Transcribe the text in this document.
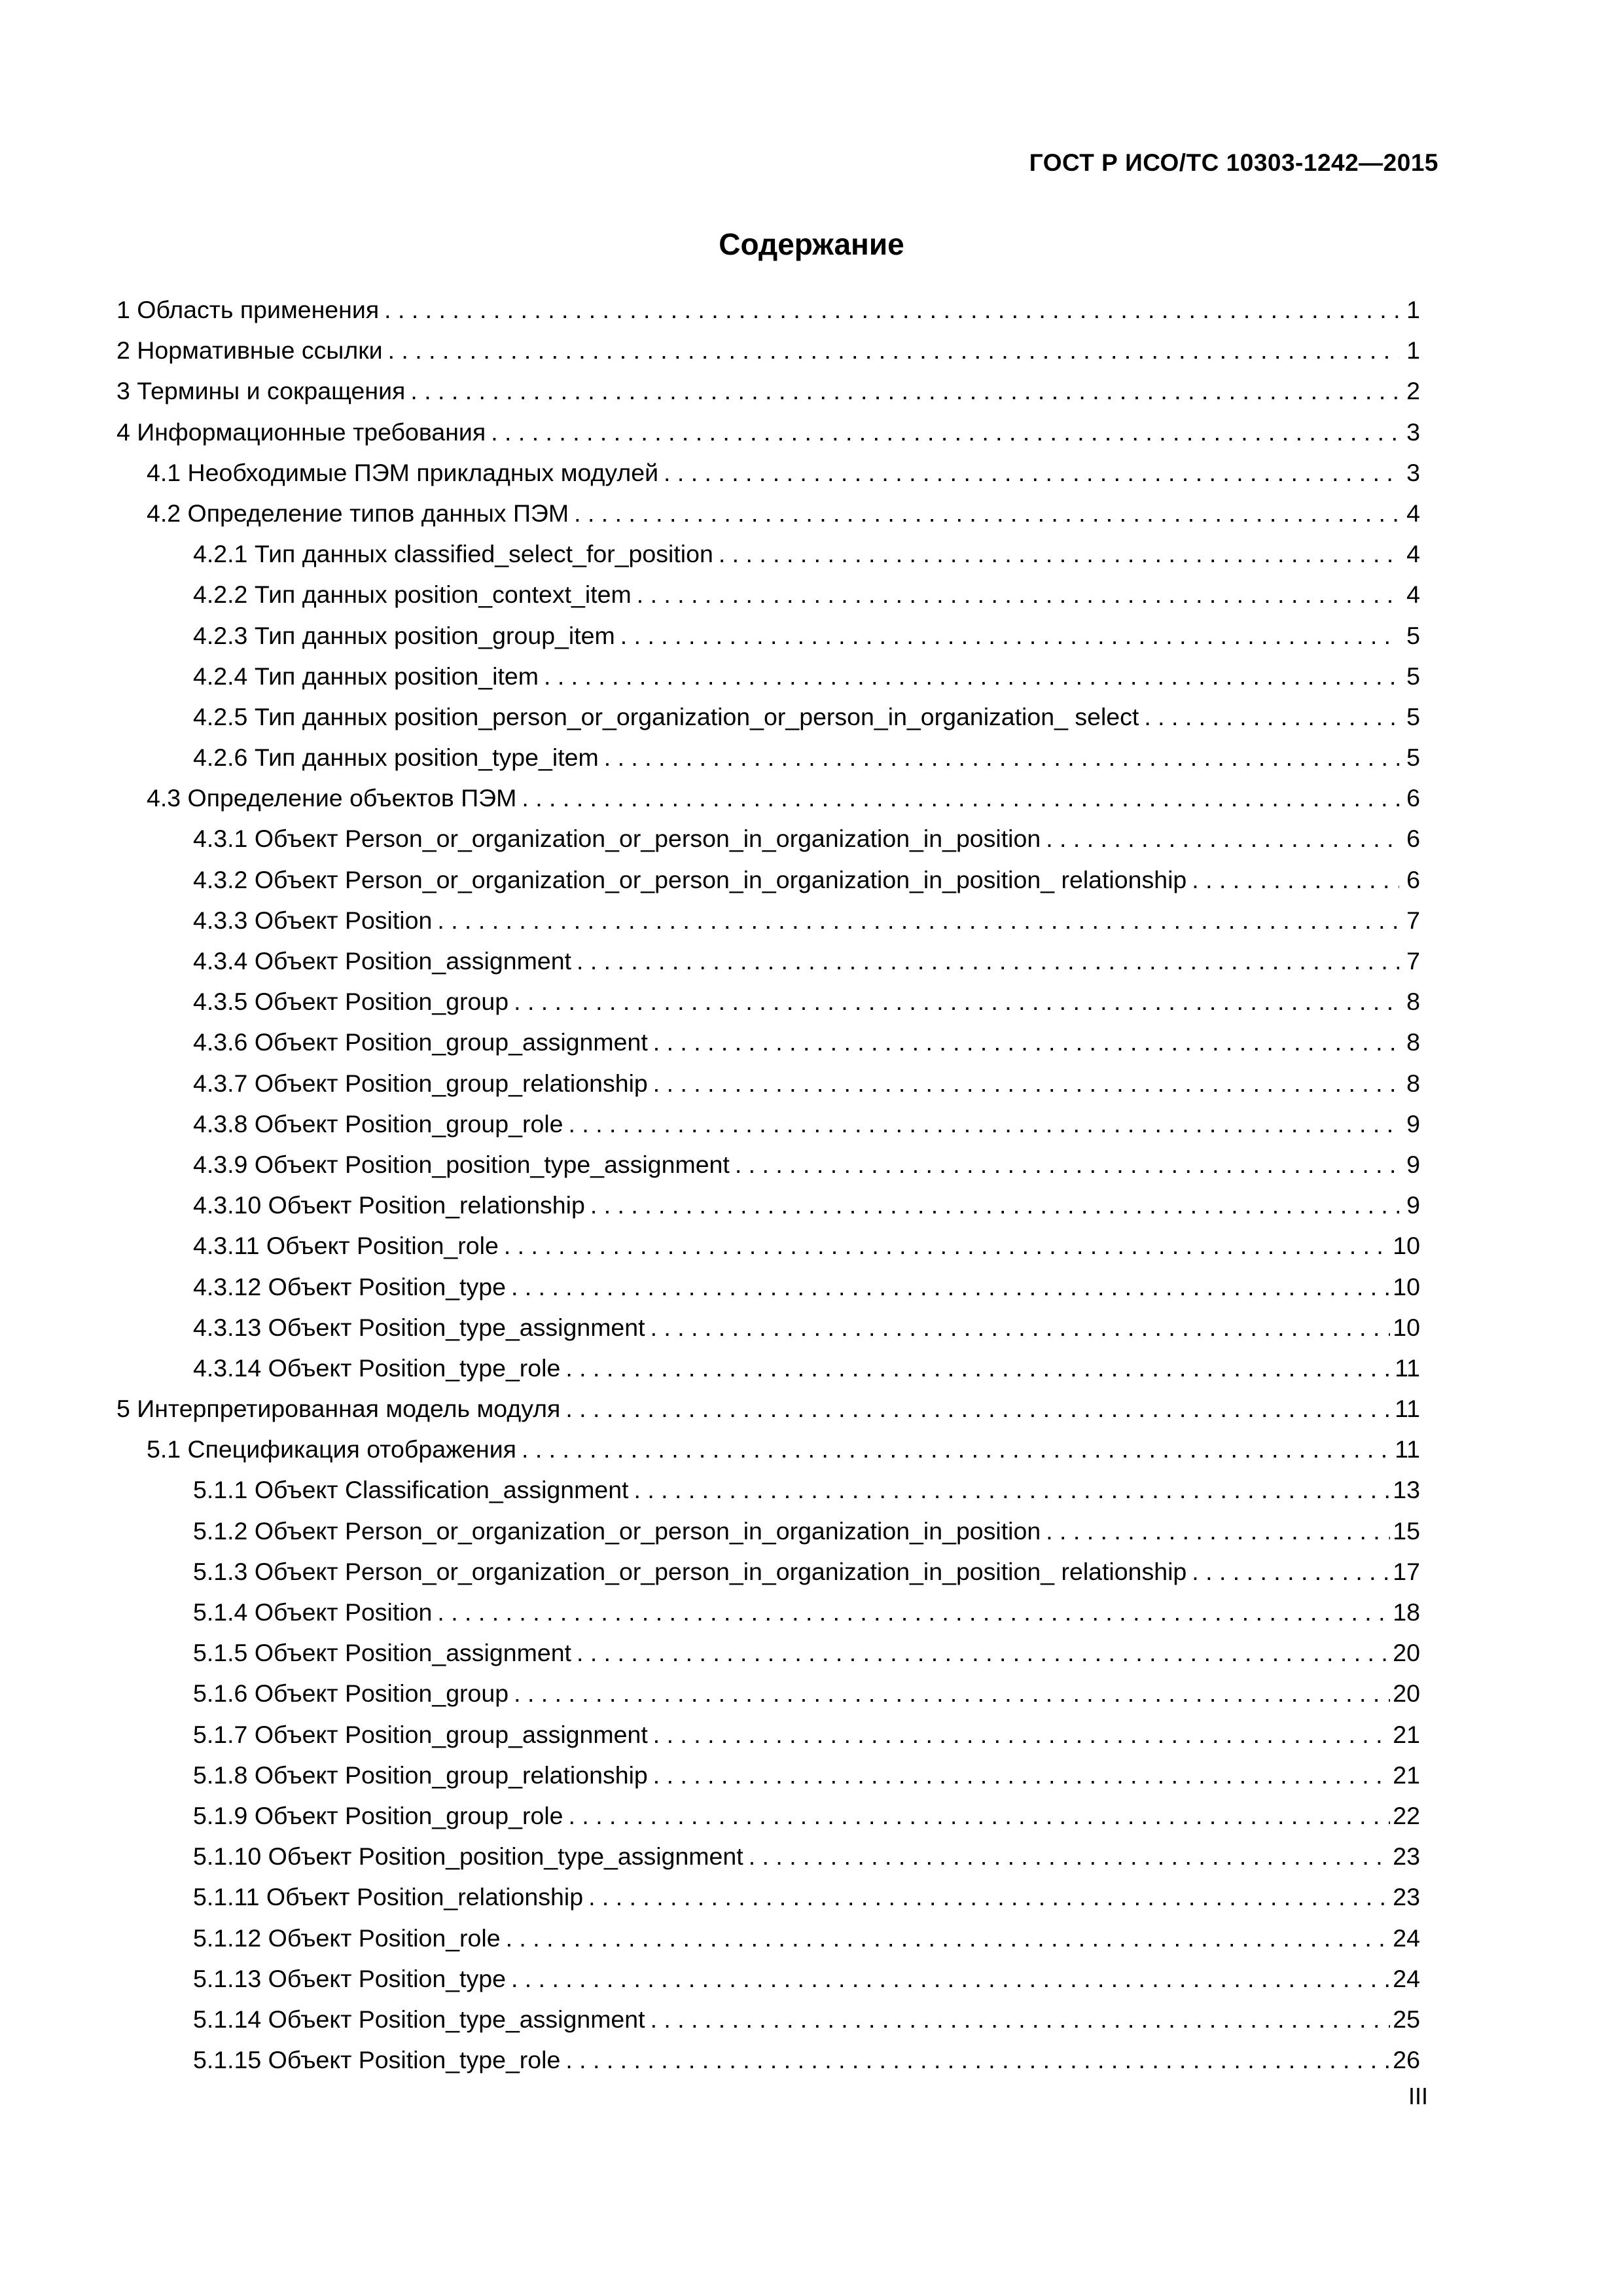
ГОСТ Р ИСО/ТС 10303-1242—2015
Содержание
1 Область применения . . .	1
2 Нормативные ссылки . . .	1
3 Термины и сокращения . . .	2
4 Информационные требования . . .	3
4.1 Необходимые ПЭМ прикладных модулей . . .	3
4.2 Определение типов данных ПЭМ . . .	4
4.2.1 Тип данных classified_select_for_position . . .	4
4.2.2 Тип данных position_context_item . . .	4
4.2.3 Тип данных position_group_item . . .	5
4.2.4 Тип данных position_item . . .	5
4.2.5 Тип данных position_person_or_organization_or_person_in_organization_ select . . .	5
4.2.6 Тип данных position_type_item . . .	5
4.3 Определение объектов ПЭМ . . .	6
4.3.1 Объект Person_or_organization_or_person_in_organization_in_position . . .	6
4.3.2 Объект Person_or_organization_or_person_in_organization_in_position_ relationship . . .	6
4.3.3 Объект Position . . .	7
4.3.4 Объект Position_assignment . . .	7
4.3.5 Объект Position_group . . .	8
4.3.6 Объект Position_group_assignment . . .	8
4.3.7 Объект Position_group_relationship . . .	8
4.3.8 Объект Position_group_role . . .	9
4.3.9 Объект Position_position_type_assignment . . .	9
4.3.10 Объект Position_relationship . . .	9
4.3.11 Объект Position_role . . .	10
4.3.12 Объект Position_type . . .	10
4.3.13 Объект Position_type_assignment . . .	10
4.3.14 Объект Position_type_role . . .	11
5 Интерпретированная модель модуля . . .	11
5.1 Спецификация отображения . . .	11
5.1.1 Объект Classification_assignment . . .	13
5.1.2 Объект Person_or_organization_or_person_in_organization_in_position . . .	15
5.1.3 Объект Person_or_organization_or_person_in_organization_in_position_ relationship . . .	17
5.1.4 Объект Position . . .	18
5.1.5 Объект Position_assignment . . .	20
5.1.6 Объект Position_group . . .	20
5.1.7 Объект Position_group_assignment . . .	21
5.1.8 Объект Position_group_relationship . . .	21
5.1.9 Объект Position_group_role . . .	22
5.1.10 Объект Position_position_type_assignment . . .	23
5.1.11 Объект Position_relationship . . .	23
5.1.12 Объект Position_role . . .	24
5.1.13 Объект Position_type . . .	24
5.1.14 Объект Position_type_assignment . . .	25
5.1.15 Объект Position_type_role . . .	26
III
